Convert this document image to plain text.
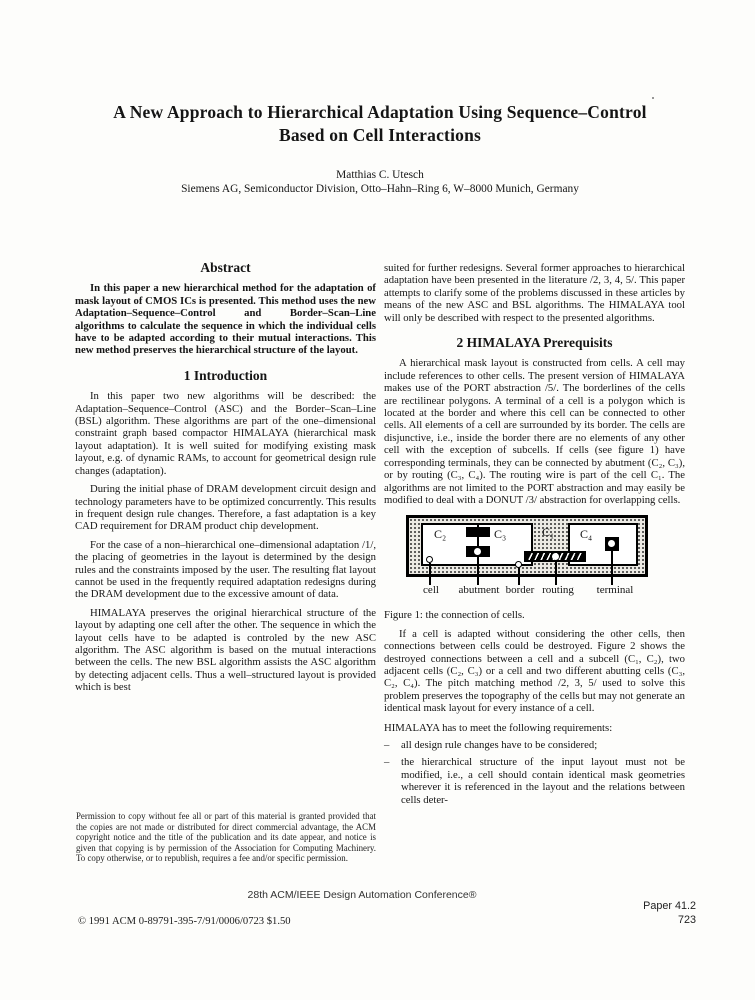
A New Approach to Hierarchical Adaptation Using Sequence–Control
Based on Cell Interactions
Matthias C. Utesch
Siemens AG, Semiconductor Division, Otto–Hahn–Ring 6, W–8000 Munich, Germany
Abstract

In this paper a new hierarchical method for the adaptation of mask layout of CMOS ICs is presented. This method uses the new Adaptation–Sequence–Control and Border–Scan–Line algorithms to calculate the sequence in which the individual cells have to be adapted according to their mutual interactions. This new method preserves the hierarchical structure of the layout.

1 Introduction

In this paper two new algorithms will be described: the Adaptation–Sequence–Control (ASC) and the Border–Scan–Line (BSL) algorithm. These algorithms are part of the one–dimensional constraint graph based compactor HIMALAYA (hierarchical mask layout adaptation). It is well suited for modifying existing mask layout, e.g. of dynamic RAMs, to account for geometrical design rule changes (adaptation).

During the initial phase of DRAM development circuit design and technology parameters have to be optimized concurrently. This results in frequent design rule changes. Therefore, a fast adaptation is a key CAD requirement for DRAM product chip development.

For the case of a non–hierarchical one–dimensional adaptation /1/, the placing of geometries in the layout is determined by the design rules and the constraints imposed by the user. The resulting flat layout cannot be used in the frequently required adaptation redesigns during the DRAM development due to the excessive amount of data.

HIMALAYA preserves the original hierarchical structure of the layout by adapting one cell after the other. The sequence in which the layout cells have to be adapted is controled by the new ASC algorithm. The ASC algorithm is based on the mutual interactions between the cells. The new BSL algorithm assists the ASC algorithm by detecting adjacent cells. Thus a well–structured layout is provided which is best

suited for further redesigns. Several former approaches to hierarchical adaptation have been presented in the literature /2, 3, 4, 5/. This paper attempts to clarify some of the problems discussed in these articles by means of the new ASC and BSL algorithms. The HIMALAYA tool will only be described with respect to the presented algorithms.

2 HIMALAYA Prerequisits

A hierarchical mask layout is constructed from cells. A cell may include references to other cells. The present version of HIMALAYA makes use of the PORT abstraction /5/. The borderlines of the cells are rectilinear polygons. A terminal of a cell is a polygon which is located at the border and where this cell can be connected to other cells. All elements of a cell are surrounded by its border. The cells are disjunctive, i.e., inside the border there are no elements of any other cell with the exception of subcells. If cells (see figure 1) have corresponding terminals, they can be connected by abutment (C₂, C₃), or by routing (C₃, C₄). The routing wire is part of the cell C₁. The algorithms are not limited to the PORT abstraction and may easily be modified to deal with a DONUT /3/ abstraction for overlapping cells.

C₂	C₃	C₁ C₄
cell abutment border routing terminal

Figure 1: the connection of cells.

If a cell is adapted without considering the other cells, then connections between cells could be destroyed. Figure 2 shows the destroyed connections between a cell and a subcell (C₁, C₂), two adjacent cells (C₂, C₃) or a cell and two different abutting cells (C₃, C₂, C₄). The pitch matching method /2, 3, 5/ used to solve this problem preserves the topography of the cells but may not generate an identical mask layout for every instance of a cell.

HIMALAYA has to meet the following requirements:

–	all design rule changes have to be considered;
–	the hierarchical structure of the input layout must not be modified, i.e., a cell should contain identical mask geometries wherever it is referenced in the layout and the relations between cells deter-
Permission to copy without fee all or part of this material is granted provided that the copies are not made or distributed for direct commercial advantage, the ACM copyright notice and the title of the publication and its date appear, and notice is given that copying is by permission of the Association for Computing Machinery. To copy otherwise, or to republish, requires a fee and/or specific permission.
28th ACM/IEEE Design Automation Conference®
Paper 41.2
723
© 1991 ACM 0-89791-395-7/91/0006/0723 $1.50
